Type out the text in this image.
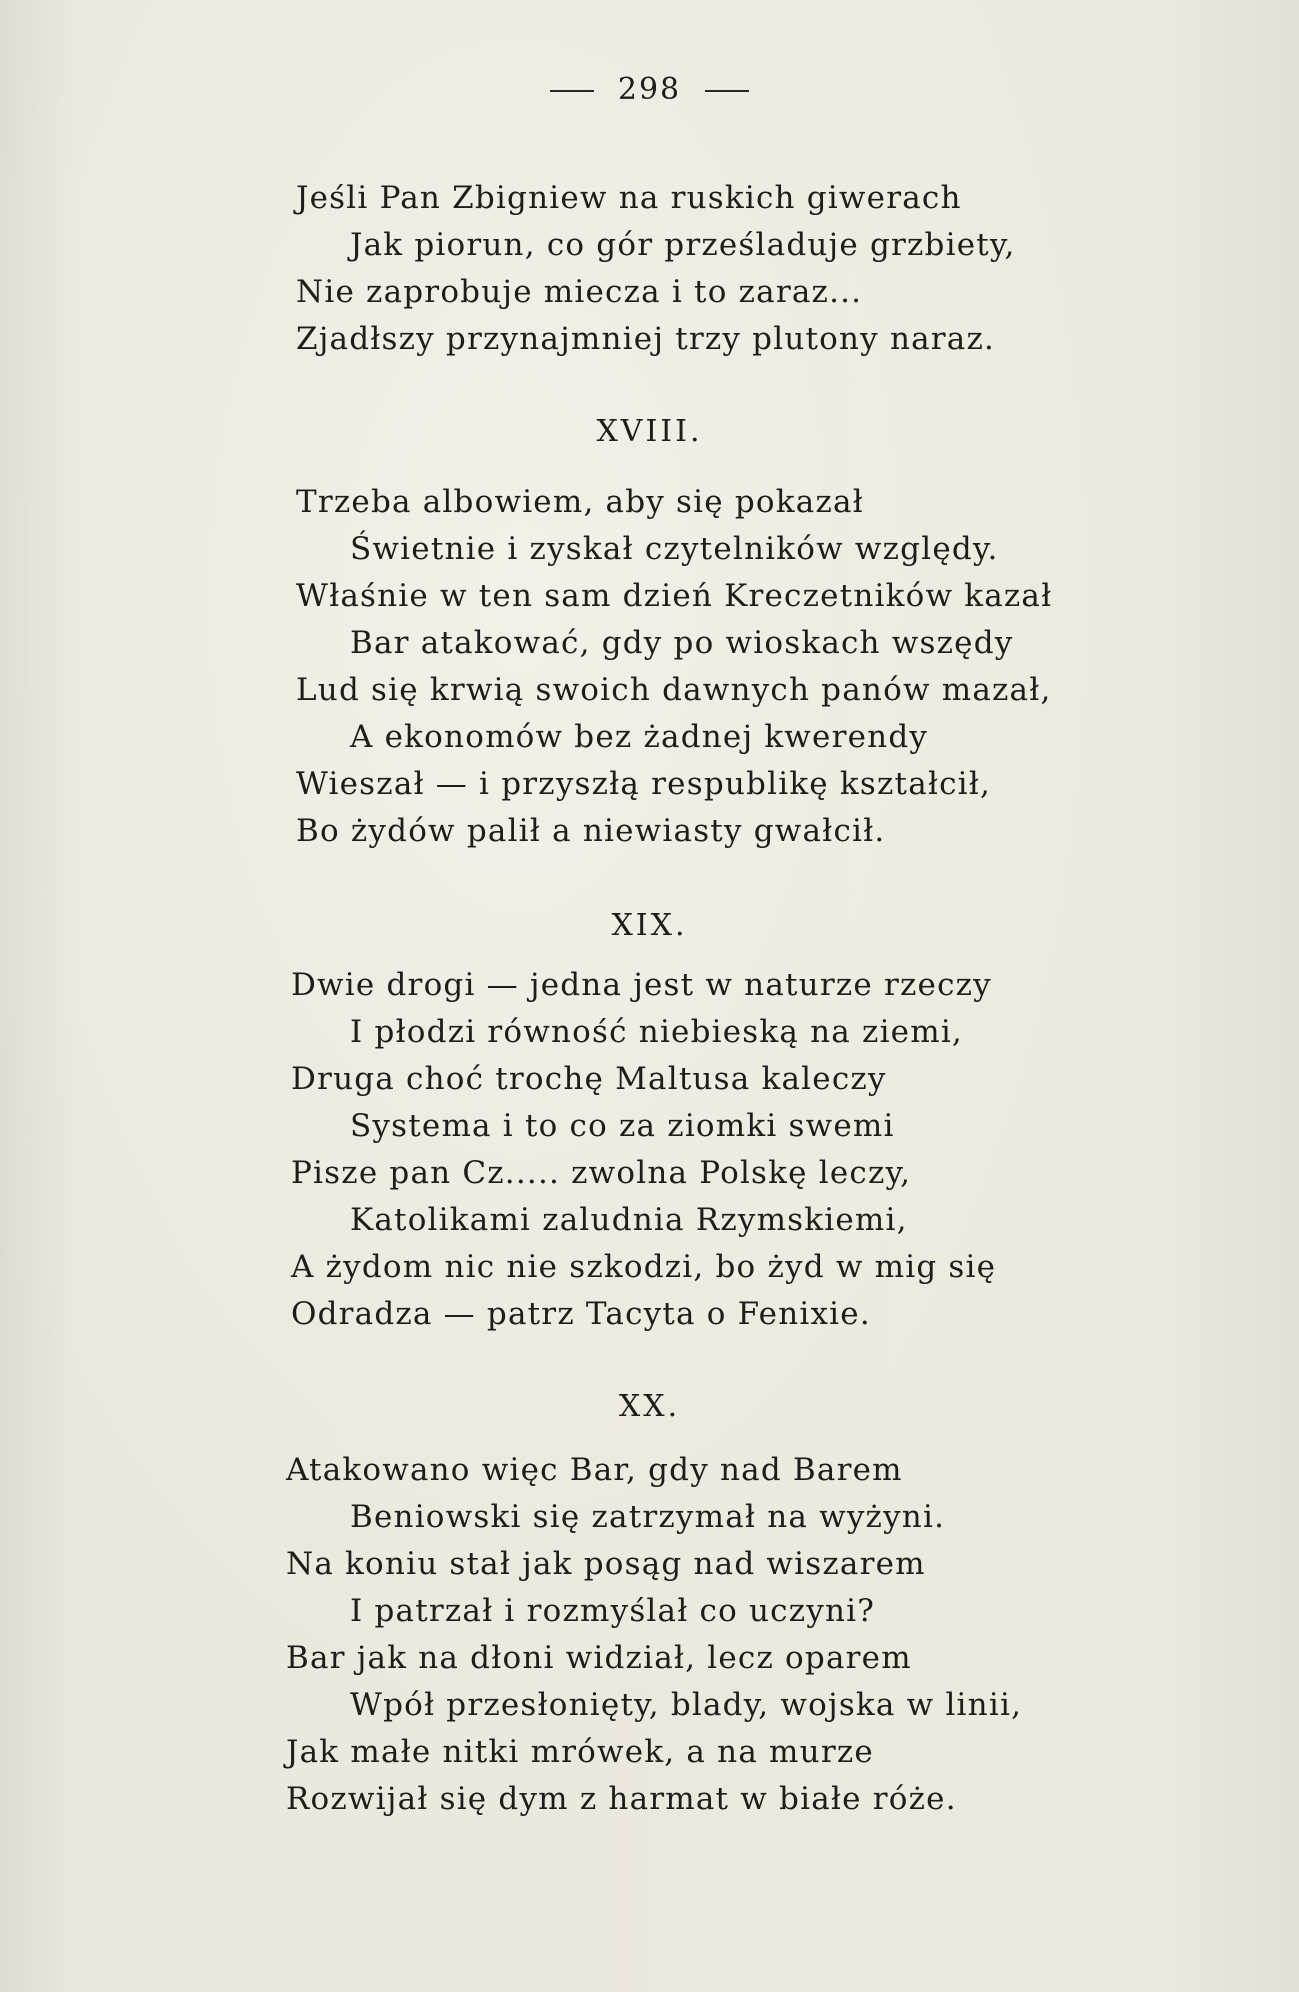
298
Jeśli Pan Zbigniew na ruskich giwerach
Jak piorun, co gór prześladuje grzbiety,
Nie zaprobuje miecza i to zaraz...
Zjadłszy przynajmniej trzy plutony naraz.
XVIII.
Trzeba albowiem, aby się pokazał
Świetnie i zyskał czytelników względy.
Właśnie w ten sam dzień Kreczetników kazał
Bar atakować, gdy po wioskach wszędy
Lud się krwią swoich dawnych panów mazał,
A ekonomów bez żadnej kwerendy
Wieszał — i przyszłą respublikę kształcił,
Bo żydów palił a niewiasty gwałcił.
XIX.
Dwie drogi — jedna jest w naturze rzeczy
I płodzi równość niebieską na ziemi,
Druga choć trochę Maltusa kaleczy
Systema i to co za ziomki swemi
Pisze pan Cz..... zwolna Polskę leczy,
Katolikami zaludnia Rzymskiemi,
A żydom nic nie szkodzi, bo żyd w mig się
Odradza — patrz Tacyta o Fenixie.
XX.
Atakowano więc Bar, gdy nad Barem
Beniowski się zatrzymał na wyżyni.
Na koniu stał jak posąg nad wiszarem
I patrzał i rozmyślał co uczyni?
Bar jak na dłoni widział, lecz oparem
Wpół przesłonięty, blady, wojska w linii,
Jak małe nitki mrówek, a na murze
Rozwijał się dym z harmat w białe róże.
